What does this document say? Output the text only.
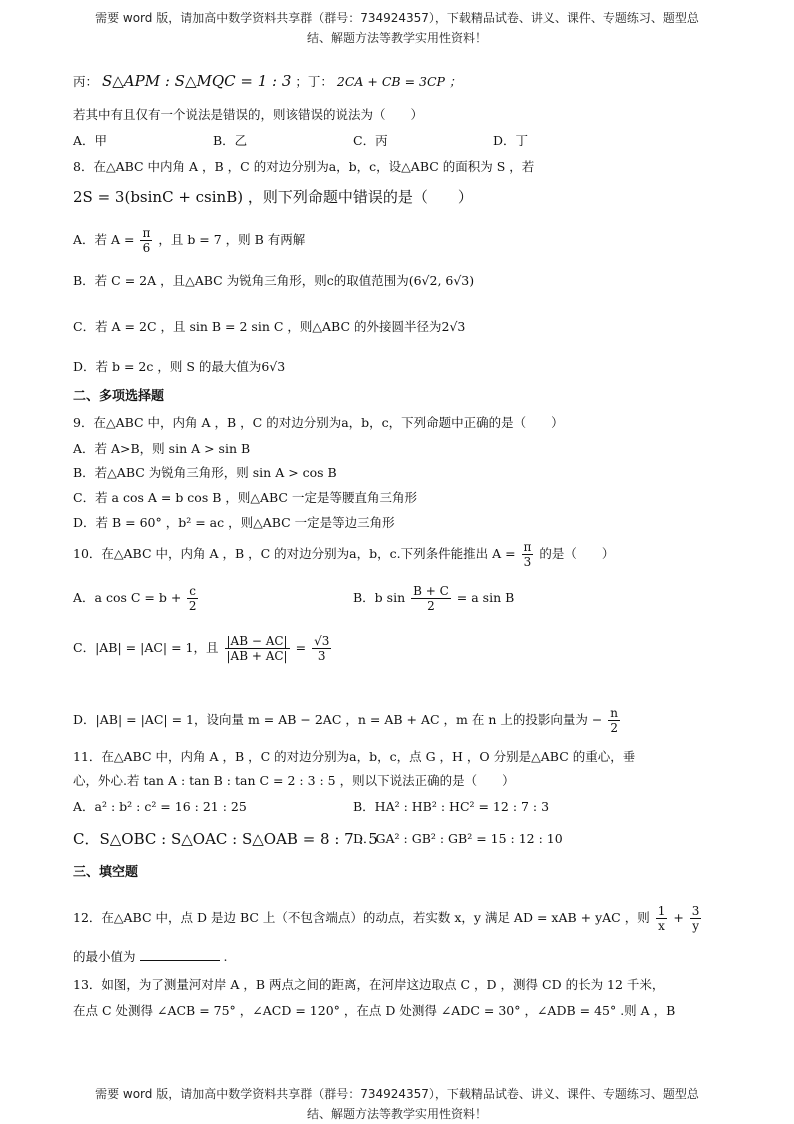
需要 word 版，请加高中数学资料共享群（群号：734924357），下载精品试卷、讲义、课件、专题练习、题型总
结、解题方法等教学实用性资料！
丙： S△APM : S△MQC = 1 : 3 ；丁： 2CA + CB = 3CP ；
若其中有且仅有一个说法是错误的，则该错误的说法为（　　）
A．甲	B．乙	C．丙	D．丁
8．在△ABC 中内角 A ，B ，C 的对边分别为a，b，c，设△ABC 的面积为 S ，若
2S = 3(bsinC + csinB) ，则下列命题中错误的是（　　）
A．若 $A = \frac{\pi}{6}$ ，且 b = 7 ，则 B 有两解
B．若 C = 2A ，且△ABC 为锐角三角形，则c的取值范围为(6√2, 6√3)
C．若 A = 2C ，且 sin B = 2 sin C ，则△ABC 的外接圆半径为2√3
D．若 b = 2c ，则 S 的最大值为6√3
二、多项选择题
9．在△ABC 中，内角 A ，B ，C 的对边分别为a，b，c，下列命题中正确的是（　　）
A．若 A>B，则 sin A > sin B
B．若△ABC 为锐角三角形，则 sin A > cos B
C．若 a cos A = b cos B ，则△ABC 一定是等腰直角三角形
D．若 B = 60° ，b² = ac ，则△ABC 一定是等边三角形
10．在△ABC 中，内角 A ，B ，C 的对边分别为a，b，c.下列条件能推出 $A = \frac{\pi}{3}$ 的是（　　）
A．a $\cos C = b + \frac{c}{2}$	B．b $\sin \frac{B + C}{2} = a$ sin B
C．|AB| = |AC| = 1，且 $\frac{|AB - AC|}{|AB + AC|} = \frac{√3}{3}$
D．|AB| = |AC| = 1，设向量 m = AB − 2AC ，n = AB + AC ，m 在 n 上的投影向量为 − $\frac{n}{2}$
11．在△ABC 中，内角 A ，B ，C 的对边分别为a，b，c，点 G ，H ，O 分别是△ABC 的重心，垂
心，外心.若 tan A : tan B : tan C = 2 : 3 : 5 ，则以下说法正确的是（　　）
A．a² : b² : c² = 16 : 21 : 25	B．HA² : HB² : HC² = 12 : 7 : 3
C．S△OBC : S△OAC : S△OAB = 8 : 7 : 5
D．GA² : GB² : GB² = 15 : 12 : 10
三、填空题
12．在△ABC 中，点 D 是边 BC 上（不包含端点）的动点，若实数 x，y 满足 AD = xAB + yAC ，则 $\frac{1}{x} + \frac{3}{y}$
的最小值为	.
13．如图，为了测量河对岸 A ，B 两点之间的距离，在河岸这边取点 C ，D ，测得 CD 的长为 12 千米，
在点 C 处测得 ∠ACB = 75° ，∠ACD = 120° ，在点 D 处测得 ∠ADC = 30° ，∠ADB = 45° .则 A ，B
需要 word 版，请加高中数学资料共享群（群号：734924357），下载精品试卷、讲义、课件、专题练习、题型总
结、解题方法等教学实用性资料！
